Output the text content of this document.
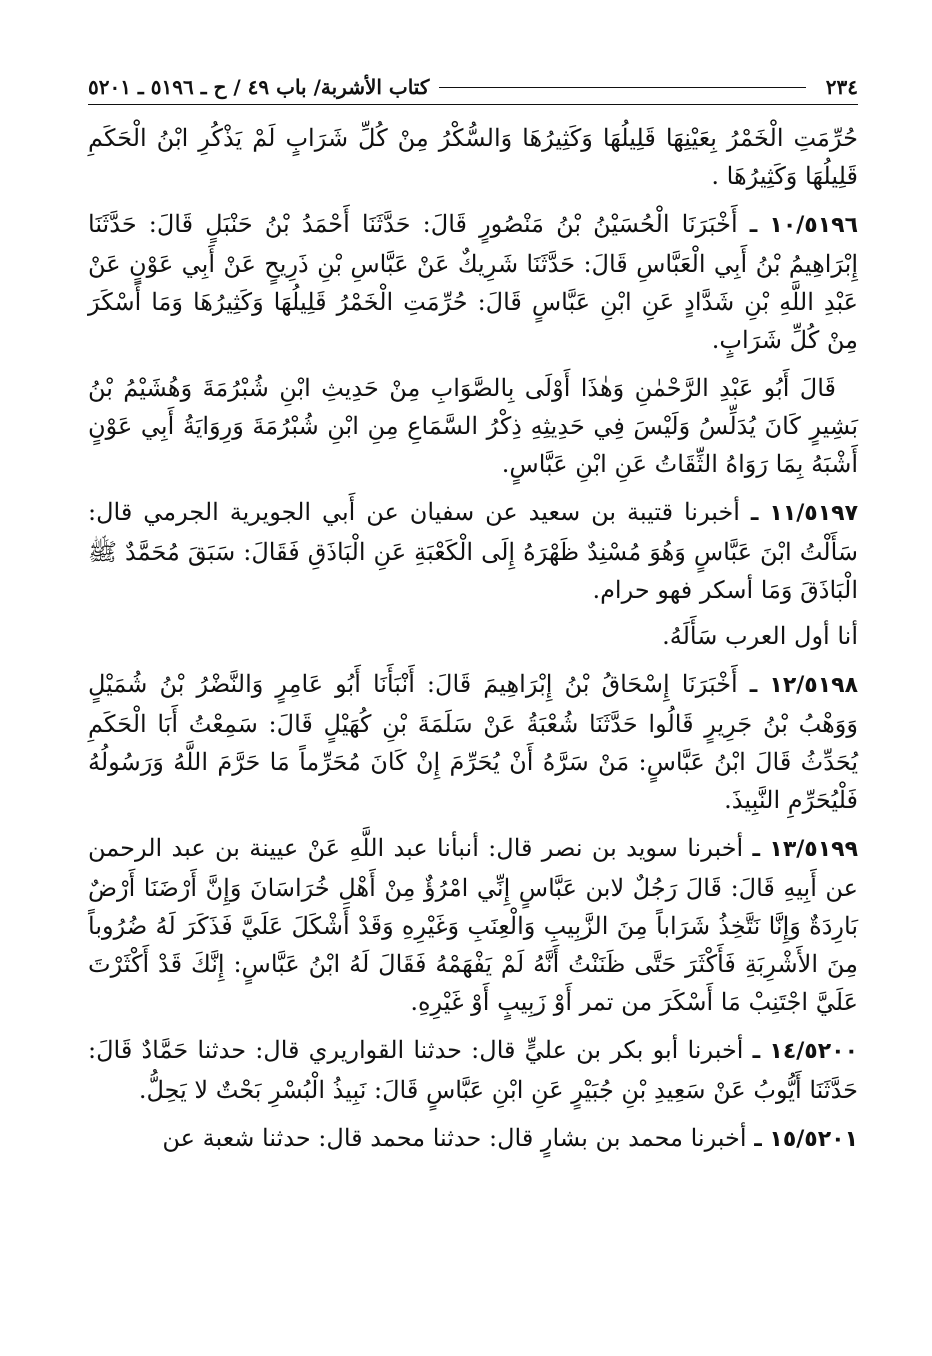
٢٣٤
كتاب الأشربة/ باب ٤٩ / ح ـ ٥١٩٦ ـ ٥٢٠١

حُرِّمَتِ الْخَمْرُ بِعَيْنِهَا قَلِيلُهَا وَكَثِيرُهَا وَالسُّكْرُ مِنْ كُلِّ شَرَابٍ لَمْ يَذْكُرِ ابْنُ الْحَكَمِ قَلِيلُهَا وَكَثِيرُهَا .

١٠/٥١٩٦ ـ أَخْبَرَنَا الْحُسَيْنُ بْنُ مَنْصُورٍ قَالَ: حَدَّثَنَا أَحْمَدُ بْنُ حَنْبَلٍ قَالَ: حَدَّثَنَا إِبْرَاهِيمُ بْنُ أَبِي الْعَبَّاسِ قَالَ: حَدَّثَنَا شَرِيكٌ عَنْ عَبَّاسِ بْنِ ذَرِيحٍ عَنْ أَبِي عَوْنٍ عَنْ عَبْدِ اللَّهِ بْنِ شَدَّادٍ عَنِ ابْنِ عَبَّاسٍ قَالَ: حُرِّمَتِ الْخَمْرُ قَلِيلُهَا وَكَثِيرُهَا وَمَا أَسْكَرَ مِنْ كُلِّ شَرَابٍ.

قَالَ أَبُو عَبْدِ الرَّحْمٰنِ وَهٰذَا أَوْلَى بِالصَّوَابِ مِنْ حَدِيثِ ابْنِ شُبْرُمَةَ وَهُشَيْمُ بْنُ بَشِيرٍ كَانَ يُدَلِّسُ وَلَيْسَ فِي حَدِيثِهِ ذِكْرُ السَّمَاعِ مِنِ ابْنِ شُبْرُمَةَ وَرِوَايَةُ أَبِي عَوْنٍ أَشْبَهُ بِمَا رَوَاهُ الثِّقَاتُ عَنِ ابْنِ عَبَّاسٍ.

١١/٥١٩٧ ـ أخبرنا قتيبة بن سعيد عن سفيان عن أَبي الجويرية الجرمي قال: سَأَلْتُ ابْنَ عَبَّاسٍ وَهُوَ مُسْنِدٌ ظَهْرَهُ إِلَى الْكَعْبَةِ عَنِ الْبَاذَقِ فَقَالَ: سَبَقَ مُحَمَّدٌ ﷺ الْبَاذَقَ وَمَا أسكر فهو حرام.

أنا أول العرب سَأَلَهُ.

١٢/٥١٩٨ ـ أَخْبَرَنَا إِسْحَاقُ بْنُ إِبْرَاهِيمَ قَالَ: أَنْبَأَنَا أَبُو عَامِرٍ وَالنَّضْرُ بْنُ شُمَيْلٍ وَوَهْبُ بْنُ جَرِيرٍ قَالُوا حَدَّثَنَا شُعْبَةُ عَنْ سَلَمَةَ بْنِ كُهَيْلٍ قَالَ: سَمِعْتُ أَبَا الْحَكَمِ يُحَدِّثُ قَالَ ابْنُ عَبَّاسٍ: مَنْ سَرَّهُ أَنْ يُحَرِّمَ إِنْ كَانَ مُحَرِّماً مَا حَرَّمَ اللَّهُ وَرَسُولُهُ فَلْيُحَرِّمِ النَّبِيذَ.

١٣/٥١٩٩ ـ أخبرنا سويد بن نصر قال: أنبأنا عبد اللَّهِ عَنْ عيينة بن عبد الرحمن عن أَبِيهِ قَالَ: قَالَ رَجُلٌ لابن عَبَّاسٍ إِنِّي امْرُؤٌ مِنْ أَهْلِ خُرَاسَانَ وَإِنَّ أَرْضَنَا أَرْضٌ بَارِدَةٌ وَإِنَّا نَتَّخِذُ شَرَاباً مِنَ الزَّبِيبِ وَالْعِنَبِ وَغَيْرِهِ وَقَدْ أَشْكَلَ عَلَيَّ فَذَكَرَ لَهُ ضُرُوباً مِنَ الأَشْرِبَةِ فَأَكْثَرَ حَتَّى ظَنَنْتُ أَنَّهُ لَمْ يَفْهَمْهُ فَقَالَ لَهُ ابْنُ عَبَّاسٍ: إِنَّكَ قَدْ أَكْثَرْتَ عَلَيَّ اجْتَنِبْ مَا أَسْكَرَ من تمر أَوْ زَبِيبٍ أَوْ غَيْرِهِ.

١٤/٥٢٠٠ ـ أخبرنا أبو بكر بن عليٍّ قال: حدثنا القواريري قال: حدثنا حَمَّادٌ قَالَ: حَدَّثَنَا أَيُّوبُ عَنْ سَعِيدِ بْنِ جُبَيْرٍ عَنِ ابْنِ عَبَّاسٍ قَالَ: نَبِيذُ الْبُسْرِ بَحْتٌ لا يَحِلُّ.

١٥/٥٢٠١ ـ أخبرنا محمد بن بشارٍ قال: حدثنا محمد قال: حدثنا شعبة عن
